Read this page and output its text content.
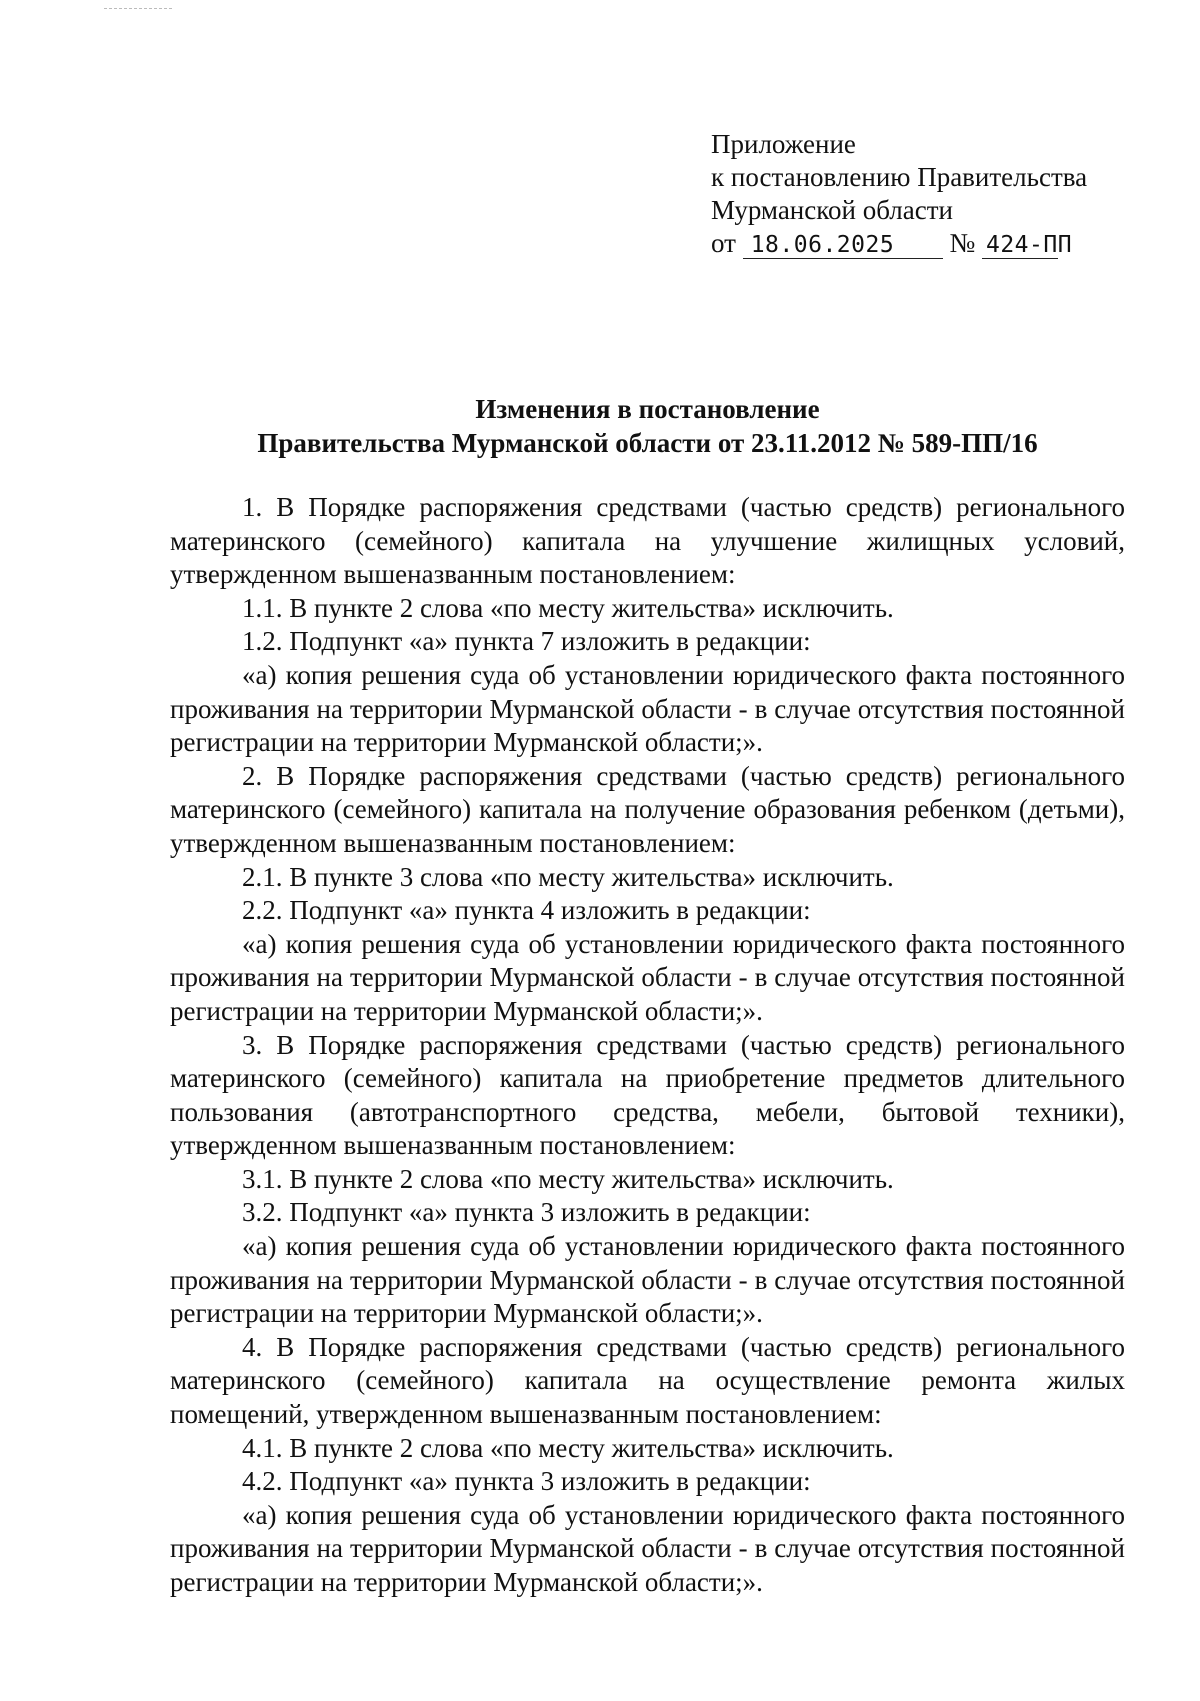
Приложение
к постановлению Правительства
Мурманской области
от 18.06.2025 № 424-ПП
Изменения в постановление
Правительства Мурманской области от 23.11.2012 № 589-ПП/16

1. В Порядке распоряжения средствами (частью средств) регионального материнского (семейного) капитала на улучшение жилищных условий, утвержденном вышеназванным постановлением:

1.1. В пункте 2 слова «по месту жительства» исключить.

1.2. Подпункт «а» пункта 7 изложить в редакции:

«а) копия решения суда об установлении юридического факта постоянного проживания на территории Мурманской области - в случае отсутствия постоянной регистрации на территории Мурманской области;».

2. В Порядке распоряжения средствами (частью средств) регионального материнского (семейного) капитала на получение образования ребенком (детьми), утвержденном вышеназванным постановлением:

2.1. В пункте 3 слова «по месту жительства» исключить.

2.2. Подпункт «а» пункта 4 изложить в редакции:

«а) копия решения суда об установлении юридического факта постоянного проживания на территории Мурманской области - в случае отсутствия постоянной регистрации на территории Мурманской области;».

3. В Порядке распоряжения средствами (частью средств) регионального материнского (семейного) капитала на приобретение предметов длительного пользования (автотранспортного средства, мебели, бытовой техники), утвержденном вышеназванным постановлением:

3.1. В пункте 2 слова «по месту жительства» исключить.

3.2. Подпункт «а» пункта 3 изложить в редакции:

«а) копия решения суда об установлении юридического факта постоянного проживания на территории Мурманской области - в случае отсутствия постоянной регистрации на территории Мурманской области;».

4. В Порядке распоряжения средствами (частью средств) регионального материнского (семейного) капитала на осуществление ремонта жилых помещений, утвержденном вышеназванным постановлением:

4.1. В пункте 2 слова «по месту жительства» исключить.

4.2. Подпункт «а» пункта 3 изложить в редакции:

«а) копия решения суда об установлении юридического факта постоянного проживания на территории Мурманской области - в случае отсутствия постоянной регистрации на территории Мурманской области;».
